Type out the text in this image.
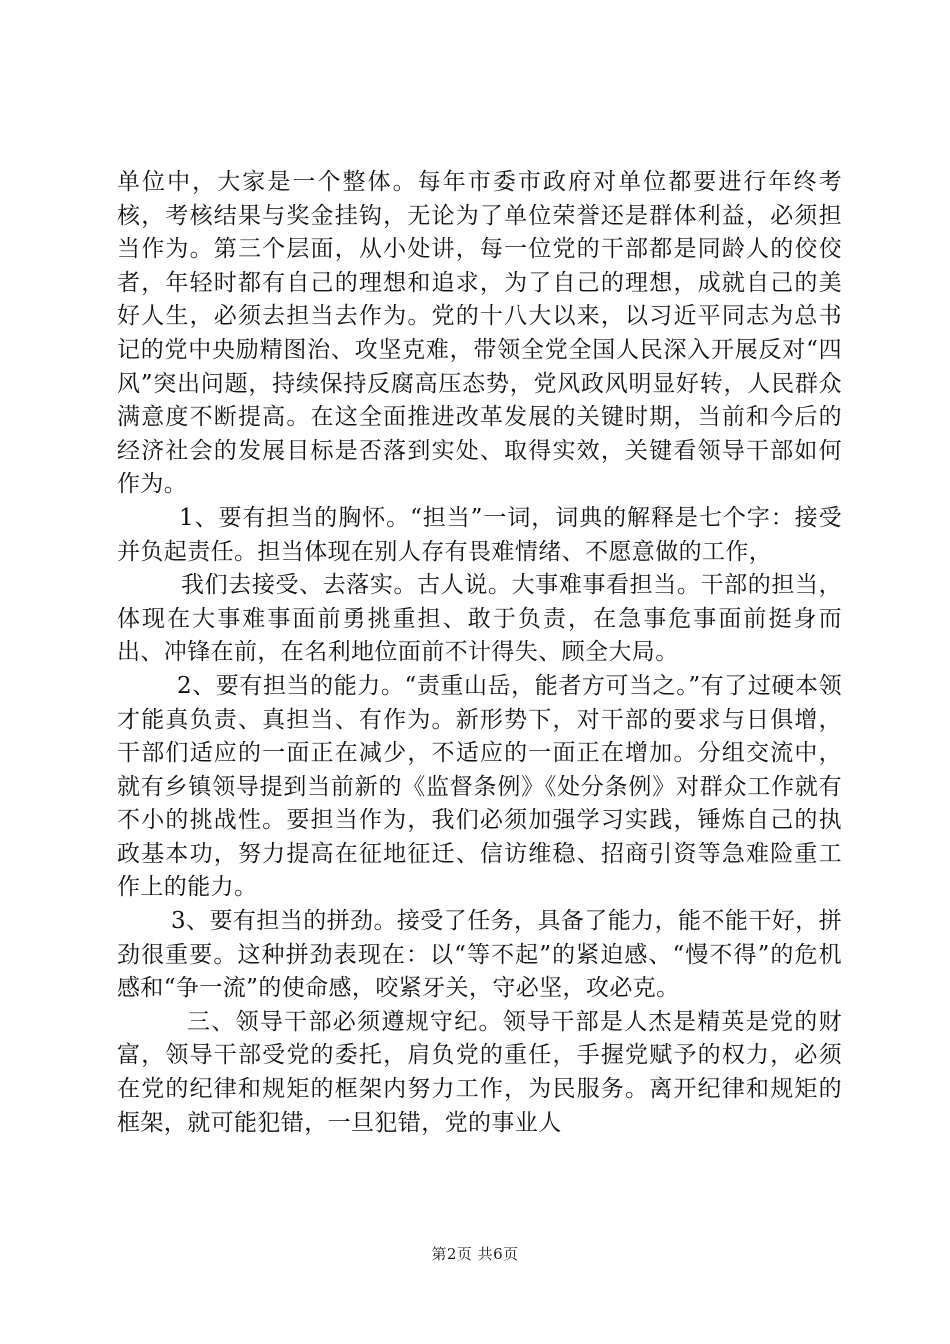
单位中，大家是一个整体。每年市委市政府对单位都要进行年终考核，考核结果与奖金挂钩，无论为了单位荣誉还是群体利益，必须担当作为。第三个层面，从小处讲，每一位党的干部都是同龄人的佼佼者，年轻时都有自己的理想和追求，为了自己的理想，成就自己的美好人生，必须去担当去作为。党的十八大以来，以习近平同志为总书记的党中央励精图治、攻坚克难，带领全党全国人民深入开展反对“四风”突出问题，持续保持反腐高压态势，党风政风明显好转，人民群众满意度不断提高。在这全面推进改革发展的关键时期，当前和今后的经济社会的发展目标是否落到实处、取得实效，关键看领导干部如何作为。

1、要有担当的胸怀。“担当”一词，词典的解释是七个字：接受并负起责任。担当体现在别人存有畏难情绪、不愿意做的工作，

我们去接受、去落实。古人说。大事难事看担当。干部的担当，体现在大事难事面前勇挑重担、敢于负责，在急事危事面前挺身而出、冲锋在前，在名利地位面前不计得失、顾全大局。

2、要有担当的能力。“责重山岳，能者方可当之。”有了过硬本领才能真负责、真担当、有作为。新形势下，对干部的要求与日俱增，干部们适应的一面正在减少，不适应的一面正在增加。分组交流中，就有乡镇领导提到当前新的《监督条例》《处分条例》对群众工作就有不小的挑战性。要担当作为，我们必须加强学习实践，锤炼自己的执政基本功，努力提高在征地征迁、信访维稳、招商引资等急难险重工作上的能力。

3、要有担当的拼劲。接受了任务，具备了能力，能不能干好，拼劲很重要。这种拼劲表现在：以“等不起”的紧迫感、“慢不得”的危机感和“争一流”的使命感，咬紧牙关，守必坚，攻必克。

三、领导干部必须遵规守纪。领导干部是人杰是精英是党的财富，领导干部受党的委托，肩负党的重任，手握党赋予的权力，必须在党的纪律和规矩的框架内努力工作，为民服务。离开纪律和规矩的框架，就可能犯错，一旦犯错，党的事业人

第2页 共6页
